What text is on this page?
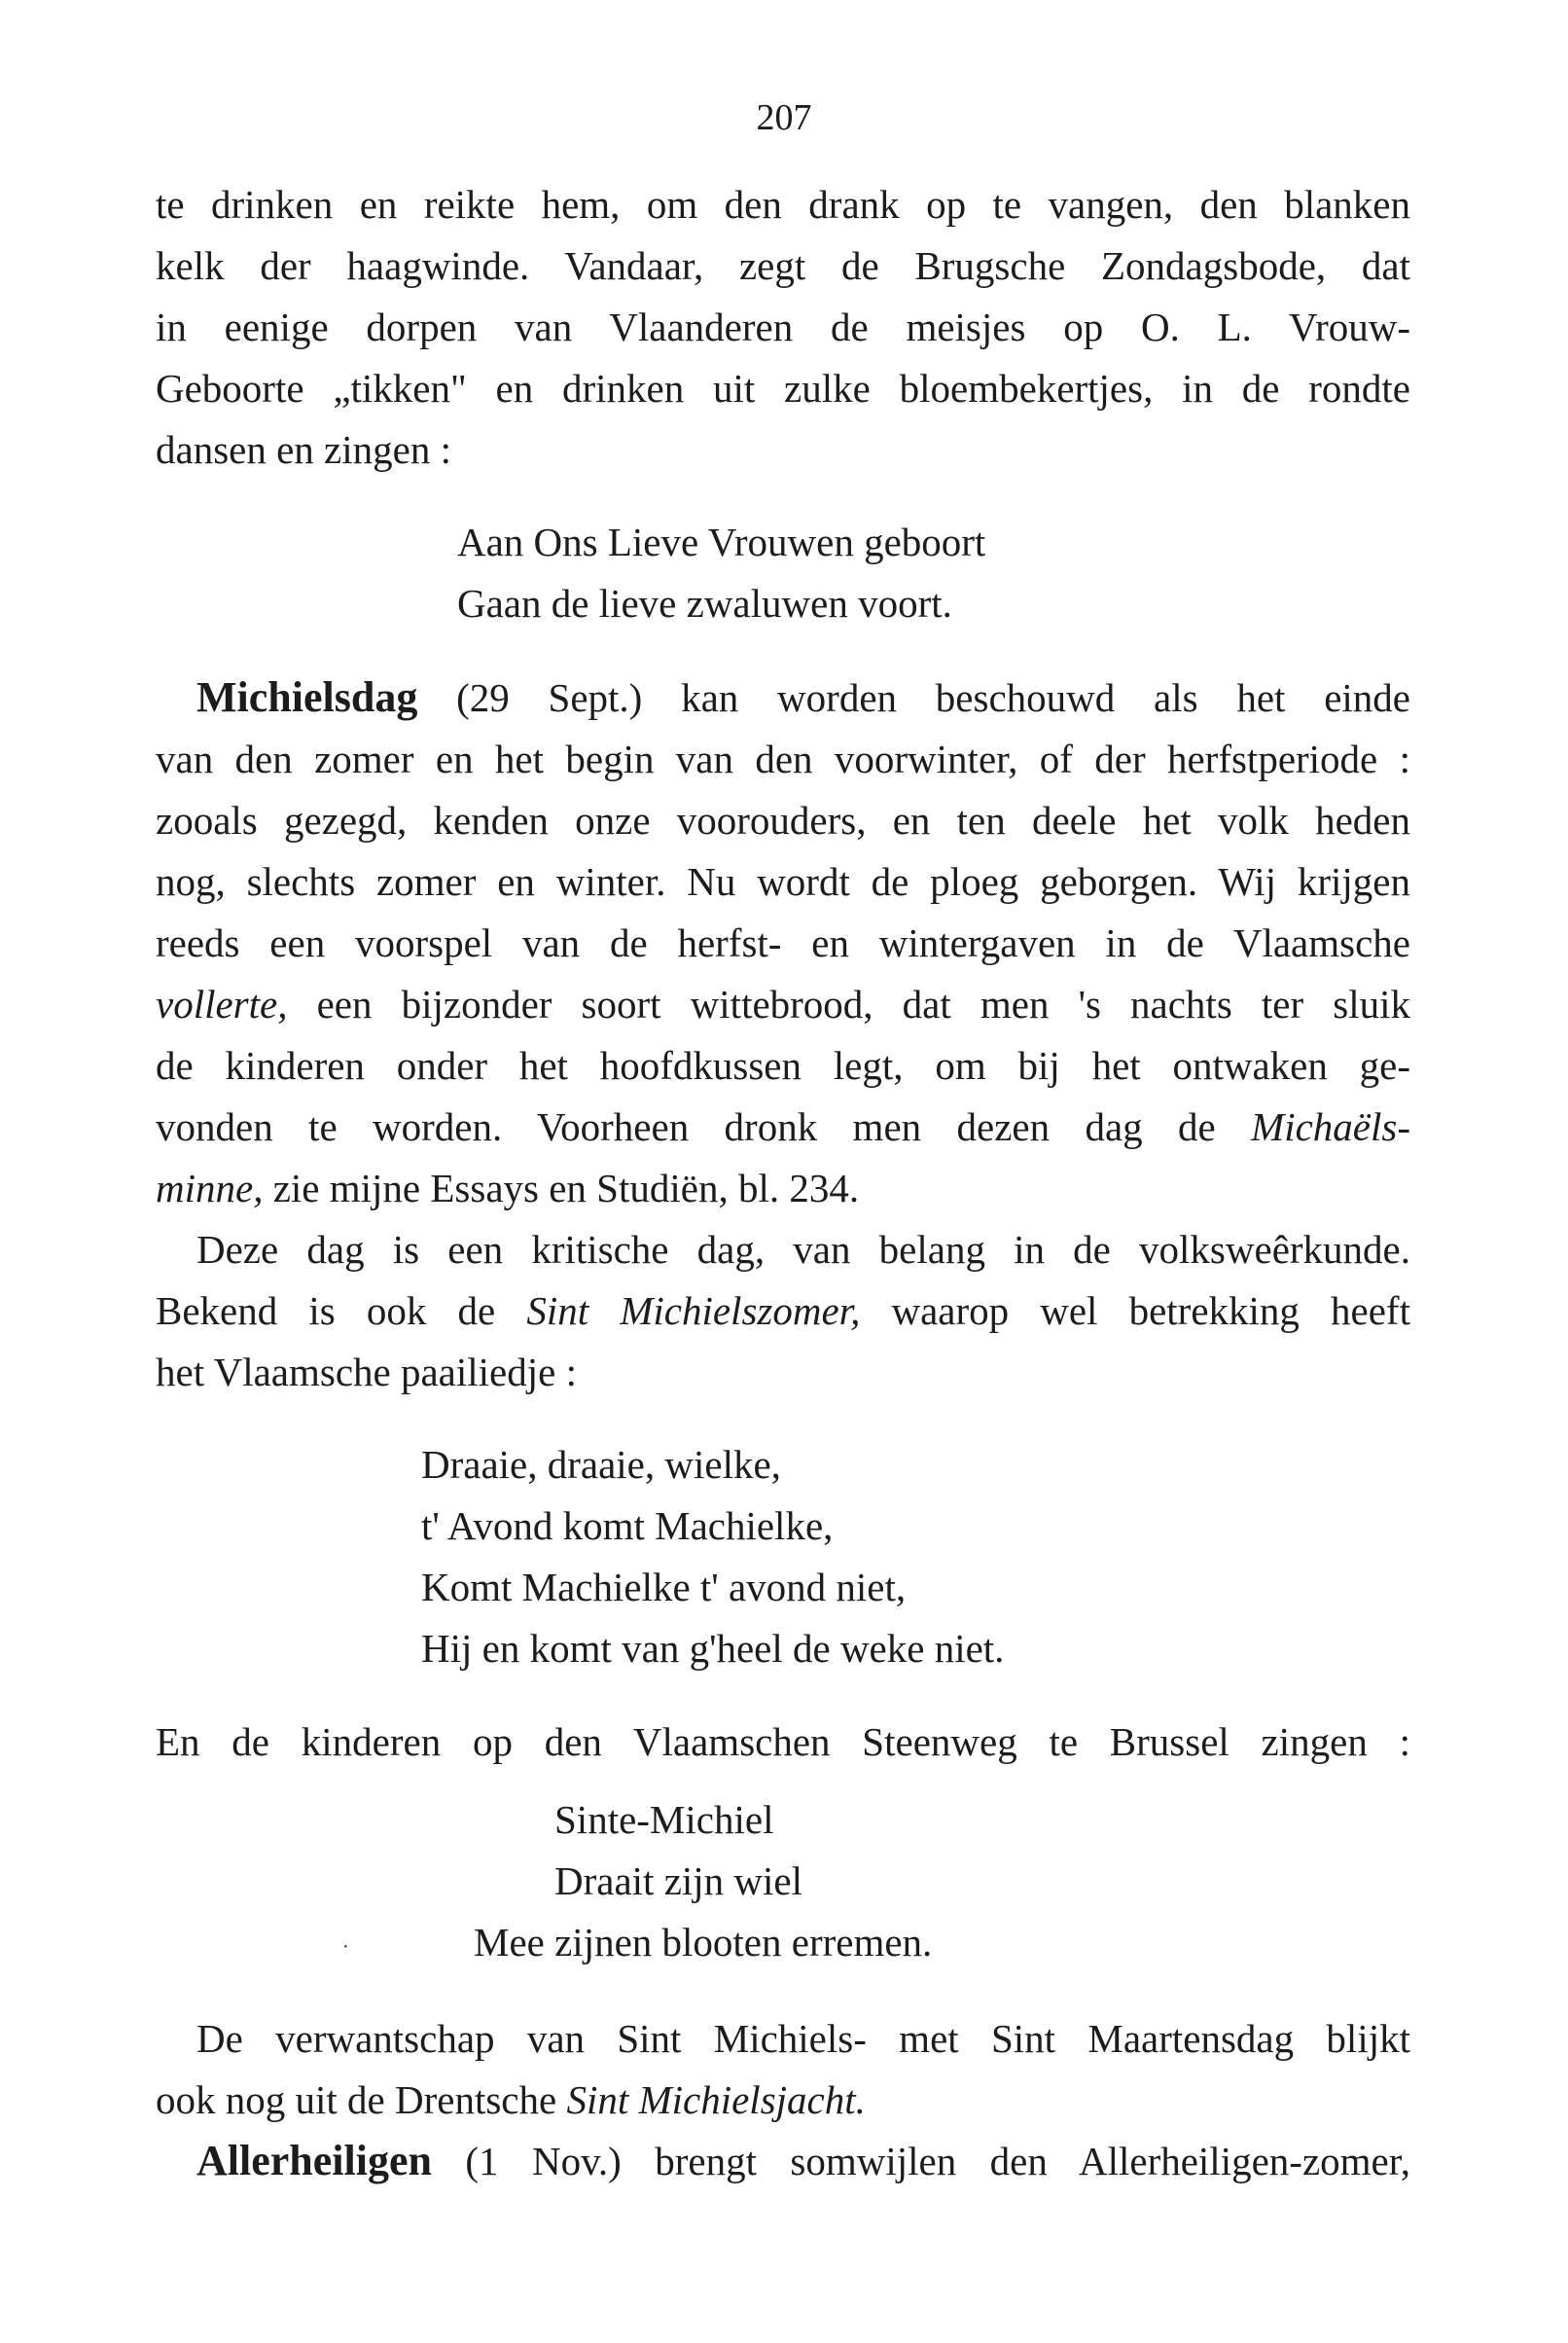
207
te drinken en reikte hem, om den drank op te vangen, den blanken
kelk der haagwinde. Vandaar, zegt de Brugsche Zondagsbode, dat
in eenige dorpen van Vlaanderen de meisjes op O. L. Vrouw-
Geboorte „tikken" en drinken uit zulke bloembekertjes, in de rondte
dansen en zingen :
Aan Ons Lieve Vrouwen geboort
Gaan de lieve zwaluwen voort.
Michielsdag (29 Sept.) kan worden beschouwd als het einde
van den zomer en het begin van den voorwinter, of der herfstperiode :
zooals gezegd, kenden onze voorouders, en ten deele het volk heden
nog, slechts zomer en winter. Nu wordt de ploeg geborgen. Wij krijgen
reeds een voorspel van de herfst- en wintergaven in de Vlaamsche
vollerte, een bijzonder soort wittebrood, dat men 's nachts ter sluik
de kinderen onder het hoofdkussen legt, om bij het ontwaken ge-
vonden te worden. Voorheen dronk men dezen dag de Michaëls-
minne, zie mijne Essays en Studiën, bl. 234.
Deze dag is een kritische dag, van belang in de volksweêrkunde.
Bekend is ook de Sint Michielszomer, waarop wel betrekking heeft
het Vlaamsche paailiedje :
Draaie, draaie, wielke,
t' Avond komt Machielke,
Komt Machielke t' avond niet,
Hij en komt van g'heel de weke niet.
En de kinderen op den Vlaamschen Steenweg te Brussel zingen :
Sinte-Michiel
Draait zijn wiel
·	Mee zijnen blooten erremen.
De verwantschap van Sint Michiels- met Sint Maartensdag blijkt
ook nog uit de Drentsche Sint Michielsjacht.
Allerheiligen (1 Nov.) brengt somwijlen den Allerheiligen-zomer,
